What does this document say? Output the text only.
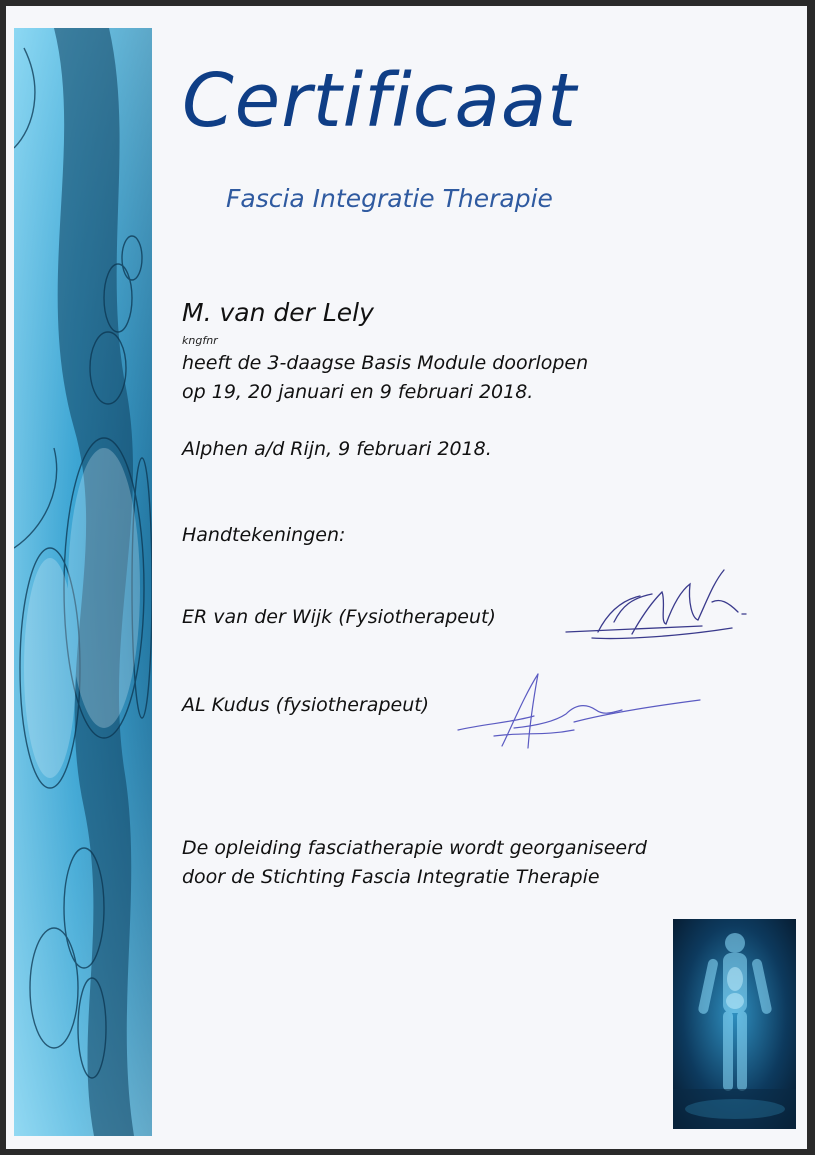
Certificaat
Fascia Integratie Therapie
M. van der Lely
kngfnr
heeft de 3-daagse Basis Module doorlopen
op 19, 20 januari en 9 februari 2018.
Alphen a/d Rijn, 9 februari 2018.
Handtekeningen:
ER van der Wijk (Fysiotherapeut)
AL Kudus (fysiotherapeut)
De opleiding fasciatherapie wordt georganiseerd
door de Stichting Fascia Integratie Therapie
